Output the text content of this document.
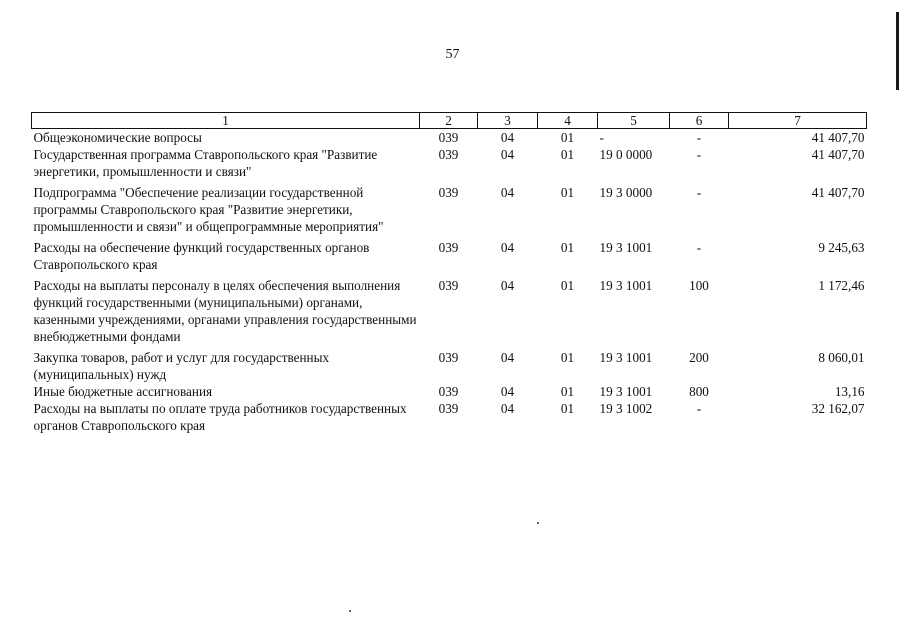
57
1	2	3	4	5	6	7
Общеэкономические вопросы	039	04	01	-	-	41 407,70
Государственная программа Ставропольского края "Развитие энергетики, промышленности и связи"	039	04	01	19 0 0000	-	41 407,70
Подпрограмма "Обеспечение реализации государственной программы Ставропольского края "Развитие энергетики, промышленности и связи" и общепрограммные мероприятия"	039	04	01	19 3 0000	-	41 407,70
Расходы на обеспечение функций государственных органов Ставропольского края	039	04	01	19 3 1001	-	9 245,63
Расходы на выплаты персоналу в целях обеспечения выполнения функций государственными (муниципальными) органами, казенными учреждениями, органами управления государственными внебюджетными фондами	039	04	01	19 3 1001	100	1 172,46
Закупка товаров, работ и услуг для государственных (муниципальных) нужд	039	04	01	19 3 1001	200	8 060,01
Иные бюджетные ассигнования	039	04	01	19 3 1001	800	13,16
Расходы на выплаты по оплате труда работников государственных органов Ставропольского края	039	04	01	19 3 1002	-	32 162,07
